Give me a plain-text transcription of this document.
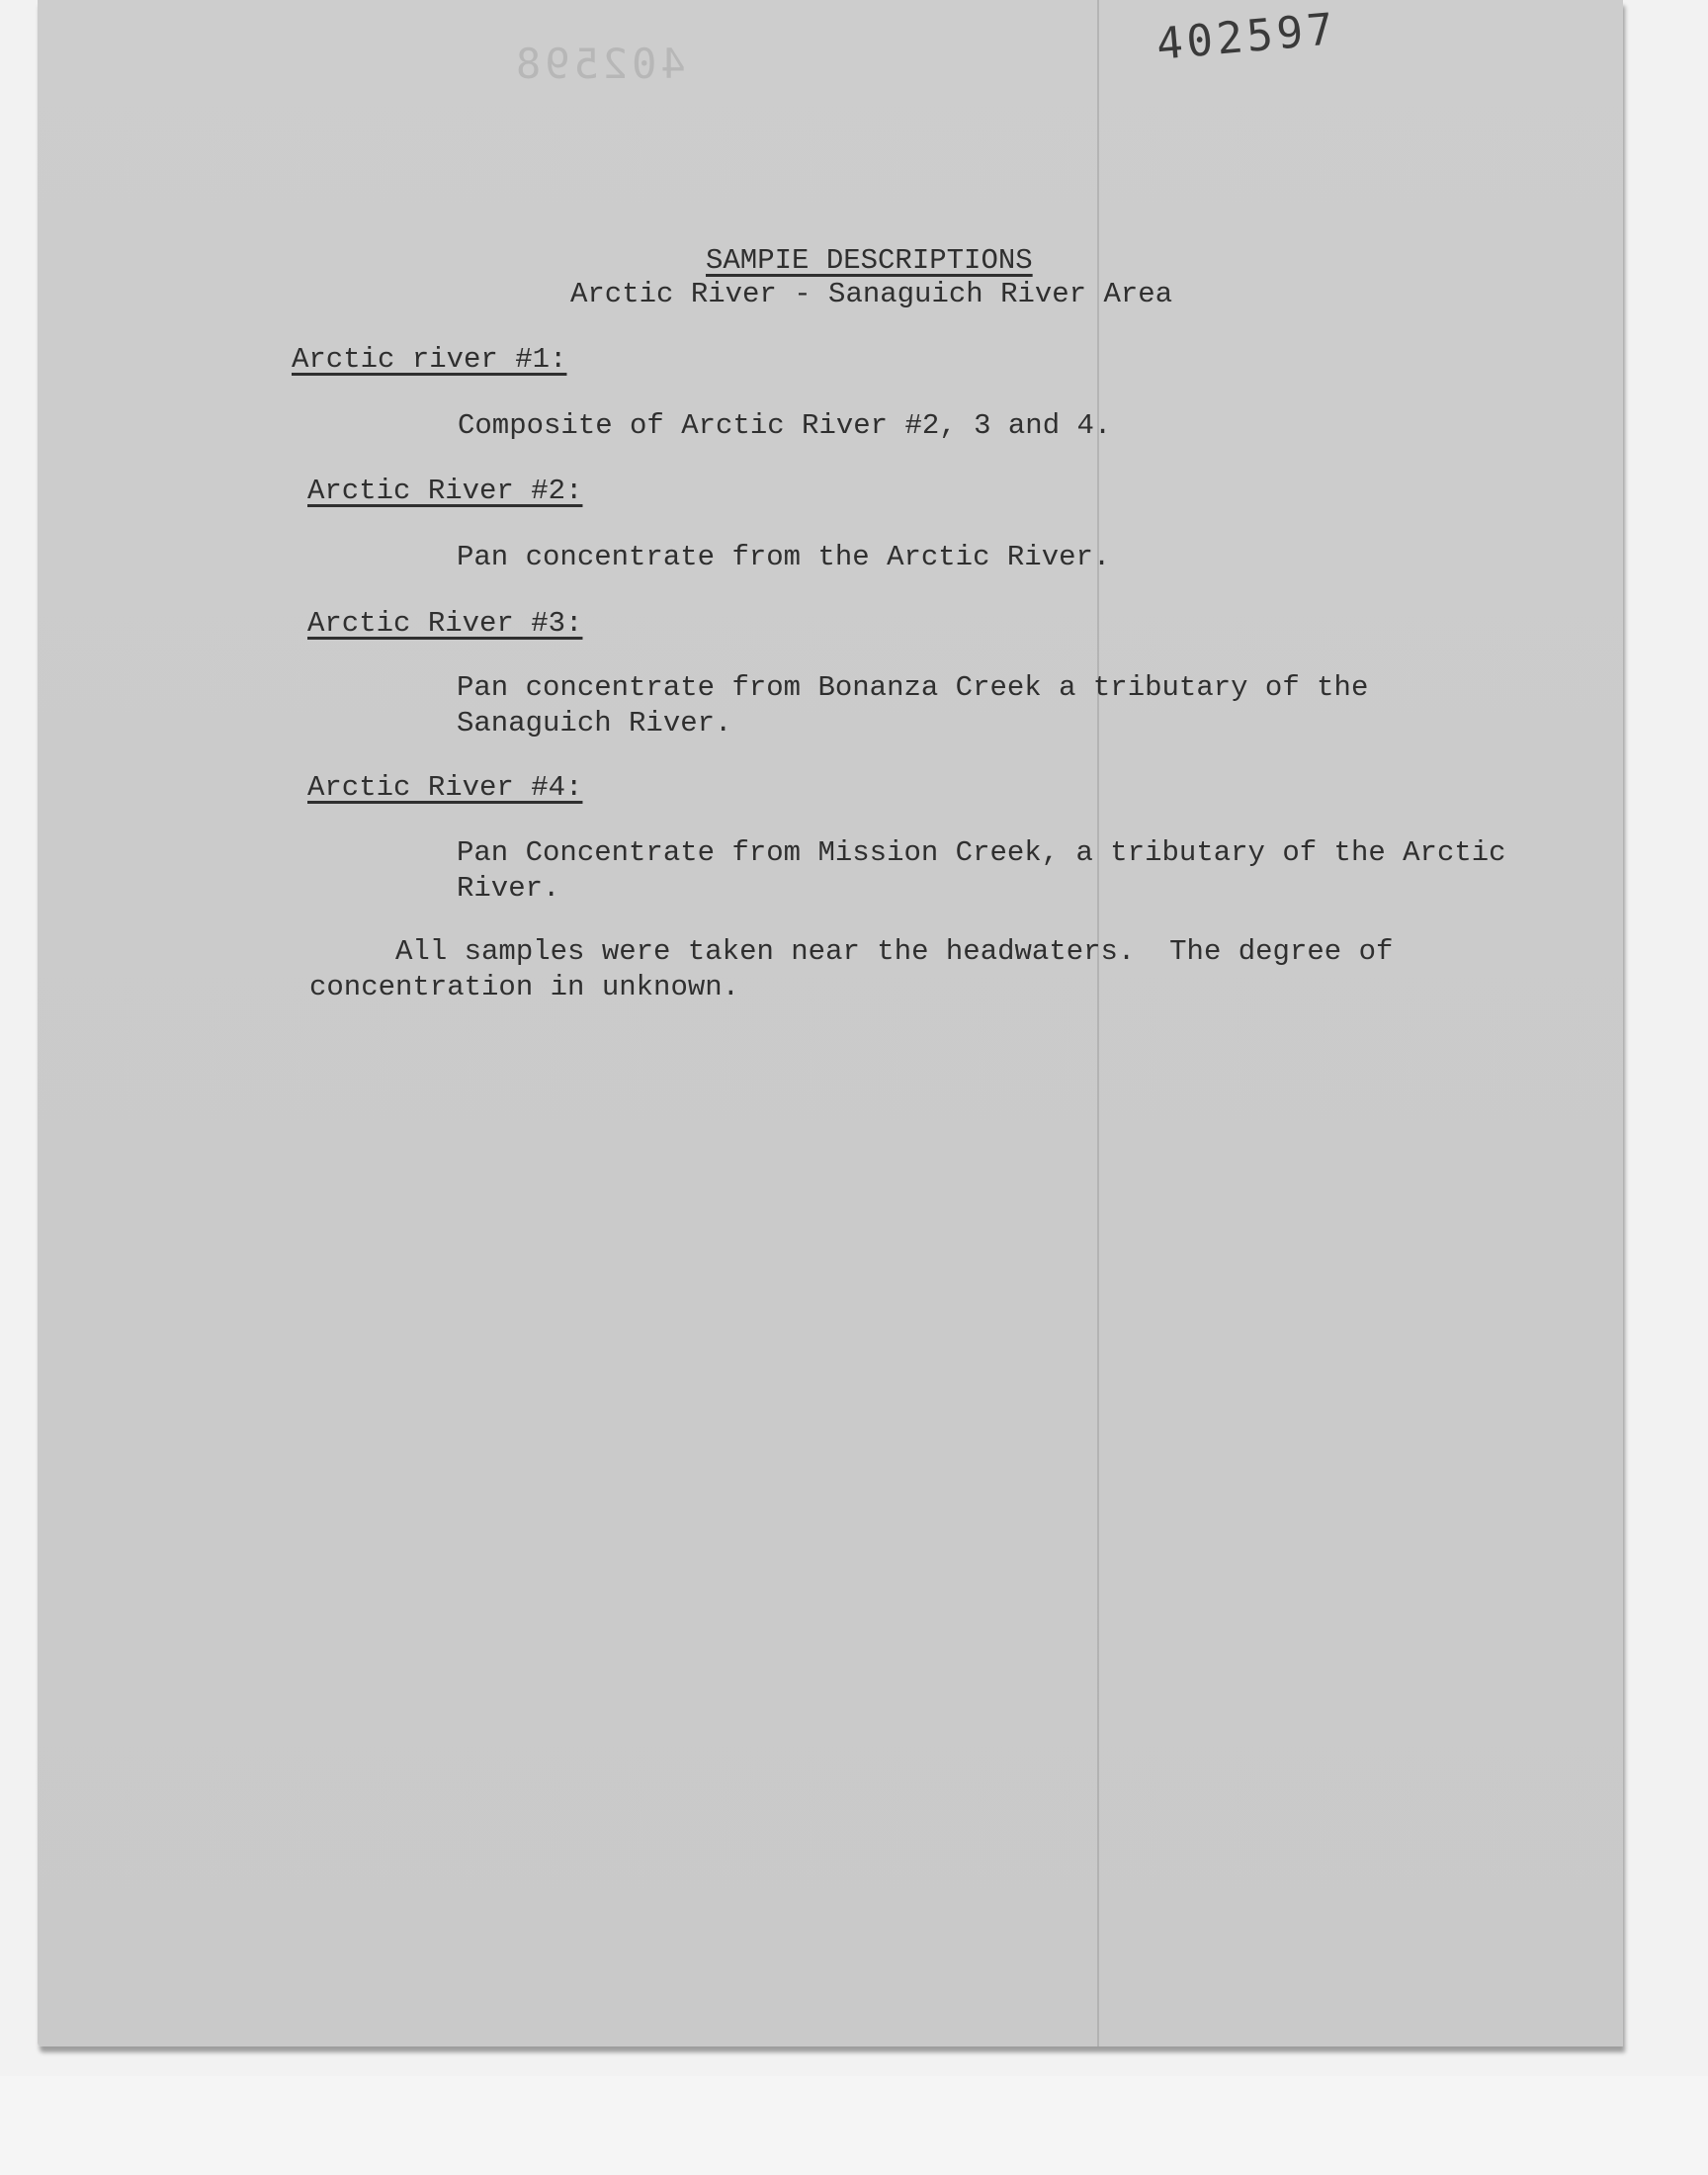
402598	402597
SAMPIE DESCRIPTIONS
Arctic River - Sanaguich River Area
Arctic river #1:
Composite of Arctic River #2, 3 and 4.
Arctic River #2:
Pan concentrate from the Arctic River.
Arctic River #3:
Pan concentrate from Bonanza Creek a tributary of the
Sanaguich River.
Arctic River #4:
Pan Concentrate from Mission Creek, a tributary of the Arctic
River.
All samples were taken near the headwaters.  The degree of
concentration in unknown.
